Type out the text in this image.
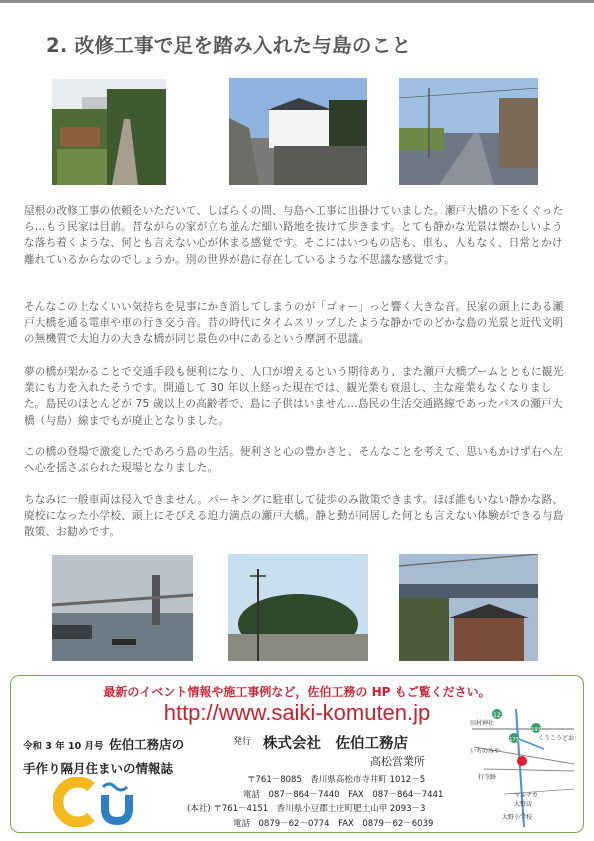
2. 改修工事で足を踏み入れた与島のこと

屋根の改修工事の依頼をいただいて、しばらくの間、与島へ工事に出掛けていました。瀬戸大橋の下をくぐったら…もう民家は目前。昔ながらの家が立ち並んだ細い路地を抜けて歩きます。とても静かな光景は懐かしいような落ち着くような、何とも言えない心が休まる感覚です。そこにはいつもの店も、車も、人もなく、日常とかけ離れているからなのでしょうか。別の世界が島に存在しているような不思議な感覚です。

そんなこの上なくいい気持ちを見事にかき消してしまうのが「ゴォー」っと響く大きな音。民家の頭上にある瀬戸大橋を通る電車や車の行き交う音。昔の時代にタイムスリップしたような静かでのどかな島の光景と近代文明の無機質で大迫力の大きな橋が同じ景色の中にあるという摩訶不思議。

夢の橋が架かることで交通手段も便利になり、人口が増えるという期待あり、また瀬戸大橋ブームとともに観光業にも力を入れたそうです。開通して 30 年以上経った現在では、観光業も衰退し、主な産業もなくなりました。島民のほとんどが 75 歳以上の高齢者で、島に子供はいません…島民の生活交通路線であったバスの瀬戸大橋（与島）線までもが廃止となりました。

この橋の登場で激変したであろう島の生活。便利さと心の豊かさと、そんなことを考えて、思いもかけず右へ左へ心を揺さぶられた現場となりました。

ちなみに一般車両は侵入できません。パーキングに駐車して徒歩のみ散策できます。ほぼ誰もいない静かな路、廃校になった小学校、頭上にそびえる迫力満点の瀬戸大橋。静と動が同居した何とも言えない体験ができる与島散策、お勧めです。

最新のイベント情報や施工事例など，佐伯工務の HP もご覧ください。
http://www.saiki-komuten.jp
令和 3 年 10 月号 佐伯工務店の
手作り隔月住まいの情報誌
発行 株式会社　佐伯工務店
高松営業所
〒761－8085　香川県高松市寺井町 1012－5
電話　087－864－7440　FAX　087－864－7441
(本社) 〒761－4151　香川県小豆郡土庄町肥土山甲 2093－3
電話　0879－62－0774　FAX　0879－62－6039
12
193
173
田村神社
くうこうどおり
いちのみや
行寺跡
マルナカ
大野店
大野小学校
